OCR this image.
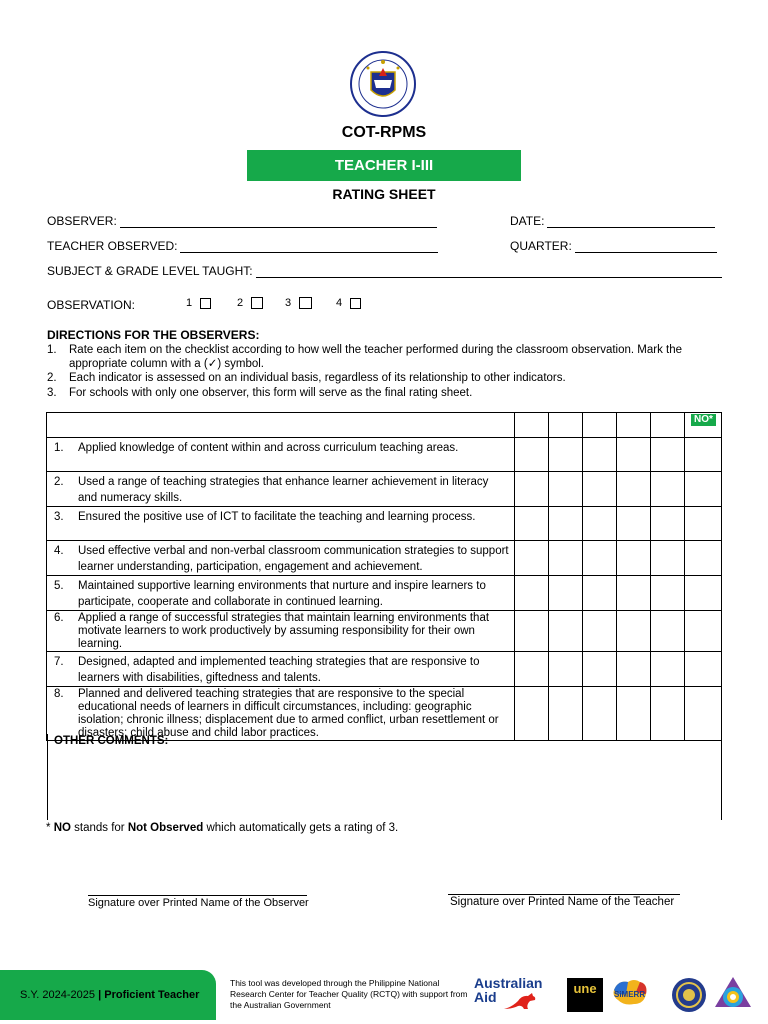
COT-RPMS
TEACHER I-III
RATING SHEET
OBSERVER:	DATE:
TEACHER OBSERVED:	QUARTER:
SUBJECT & GRADE LEVEL TAUGHT:
OBSERVATION:	1	2	3	4
DIRECTIONS FOR THE OBSERVERS:
1. Rate each item on the checklist according to how well the teacher performed during the classroom observation. Mark the appropriate column with a (✓) symbol.
2. Each indicator is assessed on an individual basis, regardless of its relationship to other indicators.
3. For schools with only one observer, this form will serve as the final rating sheet.
						NO*

1. Applied knowledge of content within and across curriculum teaching areas.						

2. Used a range of teaching strategies that enhance learner achievement in literacy and numeracy skills.						

3. Ensured the positive use of ICT to facilitate the teaching and learning process.						

4. Used effective verbal and non-verbal classroom communication strategies to support learner understanding, participation, engagement and achievement.						

5. Maintained supportive learning environments that nurture and inspire learners to participate, cooperate and collaborate in continued learning.						

6. Applied a range of successful strategies that maintain learning environments that motivate learners to work productively by assuming responsibility for their own learning.						

7. Designed, adapted and implemented teaching strategies that are responsive to learners with disabilities, giftedness and talents.						

8. Planned and delivered teaching strategies that are responsive to the special educational needs of learners in difficult circumstances, including: geographic isolation; chronic illness; displacement due to armed conflict, urban resettlement or disasters; child abuse and child labor practices.						

OTHER COMMENTS:
* NO stands for Not Observed which automatically gets a rating of 3.
Signature over Printed Name of the Observer	Signature over Printed Name of the Teacher
S.Y. 2024-2025 | Proficient Teacher
This tool was developed through the Philippine National Research Center for Teacher Quality (RCTQ) with support from the Australian Government
Australian
Aid
une	SiMERR
